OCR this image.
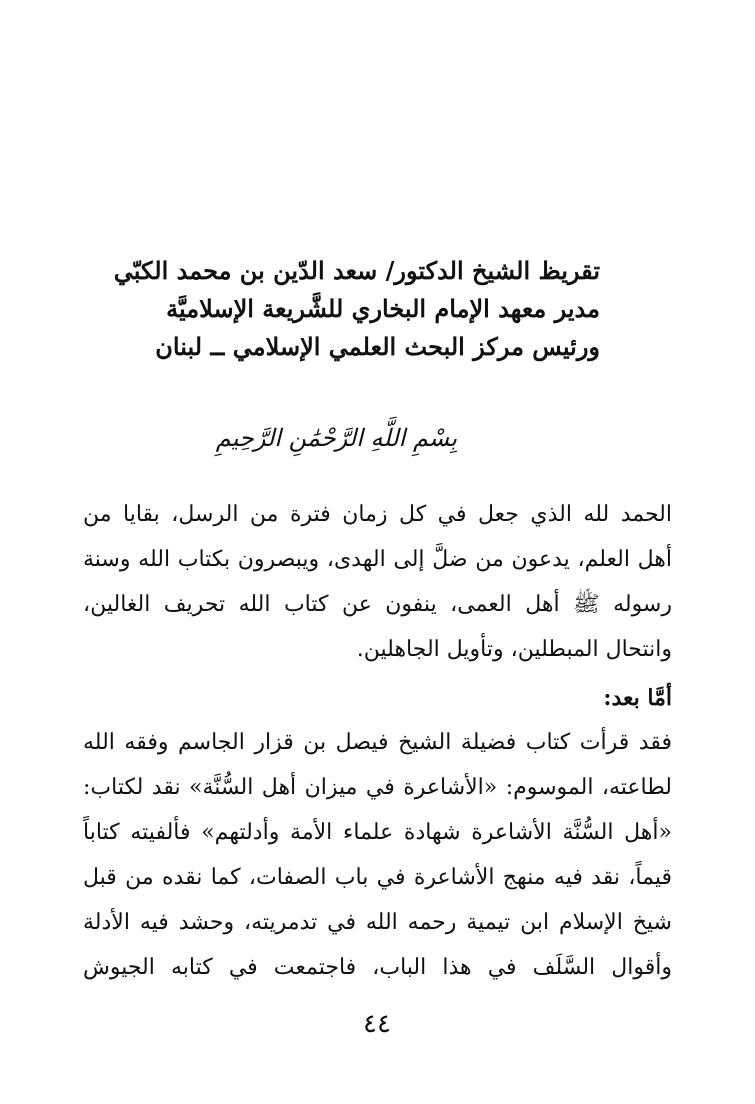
تقريظ الشيخ الدكتور/ سعد الدّين بن محمد الكبّي
مدير معهد الإمام البخاري للشَّريعة الإسلاميَّة
ورئيس مركز البحث العلمي الإسلامي ــ لبنان
بِسْمِ اللَّهِ الرَّحْمَٰنِ الرَّحِيمِ
الحمد لله الذي جعل في كل زمان فترة من الرسل، بقايا من
أهل العلم، يدعون من ضلَّ إلى الهدى، ويبصرون بكتاب الله وسنة
رسوله ﷺ أهل العمى، ينفون عن كتاب الله تحريف الغالين،
وانتحال المبطلين، وتأويل الجاهلين.
أمَّا بعد:
فقد قرأت كتاب فضيلة الشيخ فيصل بن قزار الجاسم وفقه الله
لطاعته، الموسوم: «الأشاعرة في ميزان أهل السُّنَّة» نقد لكتاب:
«أهل السُّنَّة الأشاعرة شهادة علماء الأمة وأدلتهم» فألفيته كتاباً
قيماً، نقد فيه منهج الأشاعرة في باب الصفات، كما نقده من قبل
شيخ الإسلام ابن تيمية رحمه الله في تدمريته، وحشد فيه الأدلة
وأقوال السَّلَف في هذا الباب، فاجتمعت في كتابه الجيوش
٤٤
